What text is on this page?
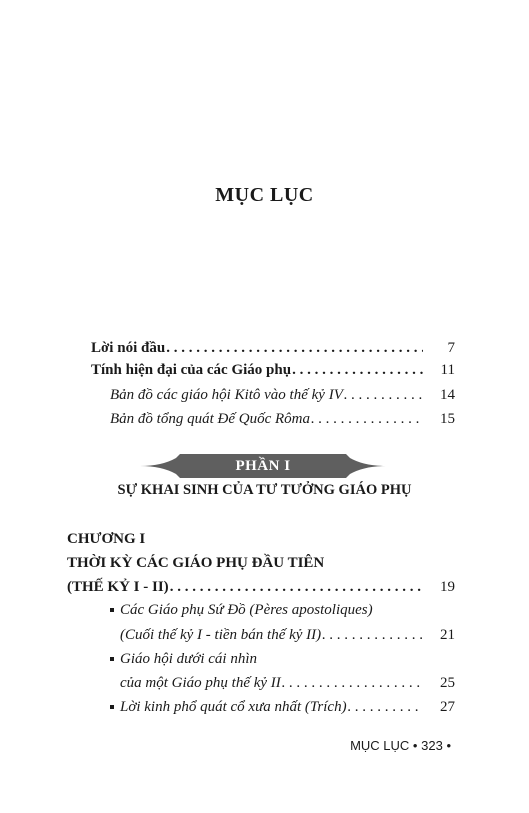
MỤC LỤC
Lời nói đầu . . .	7
Tính hiện đại của các Giáo phụ . . .	11
Bản đồ các giáo hội Kitô vào thế kỷ IV . . .	14
Bản đồ tổng quát Đế Quốc Rôma . . .	15
PHẦN I
SỰ KHAI SINH CỦA TƯ TƯỞNG GIÁO PHỤ
CHƯƠNG I
THỜI KỲ CÁC GIÁO PHỤ ĐẦU TIÊN
(THẾ KỶ I - II) . . .	19
Các Giáo phụ Sứ Đồ (Pères apostoliques)
(Cuối thế kỷ I - tiền bán thế kỷ II) . . .	21
Giáo hội dưới cái nhìn
của một Giáo phụ thế kỷ II . . .	25
Lời kinh phổ quát cổ xưa nhất (Trích) . . .	27
MỤC LỤC • 323 •
